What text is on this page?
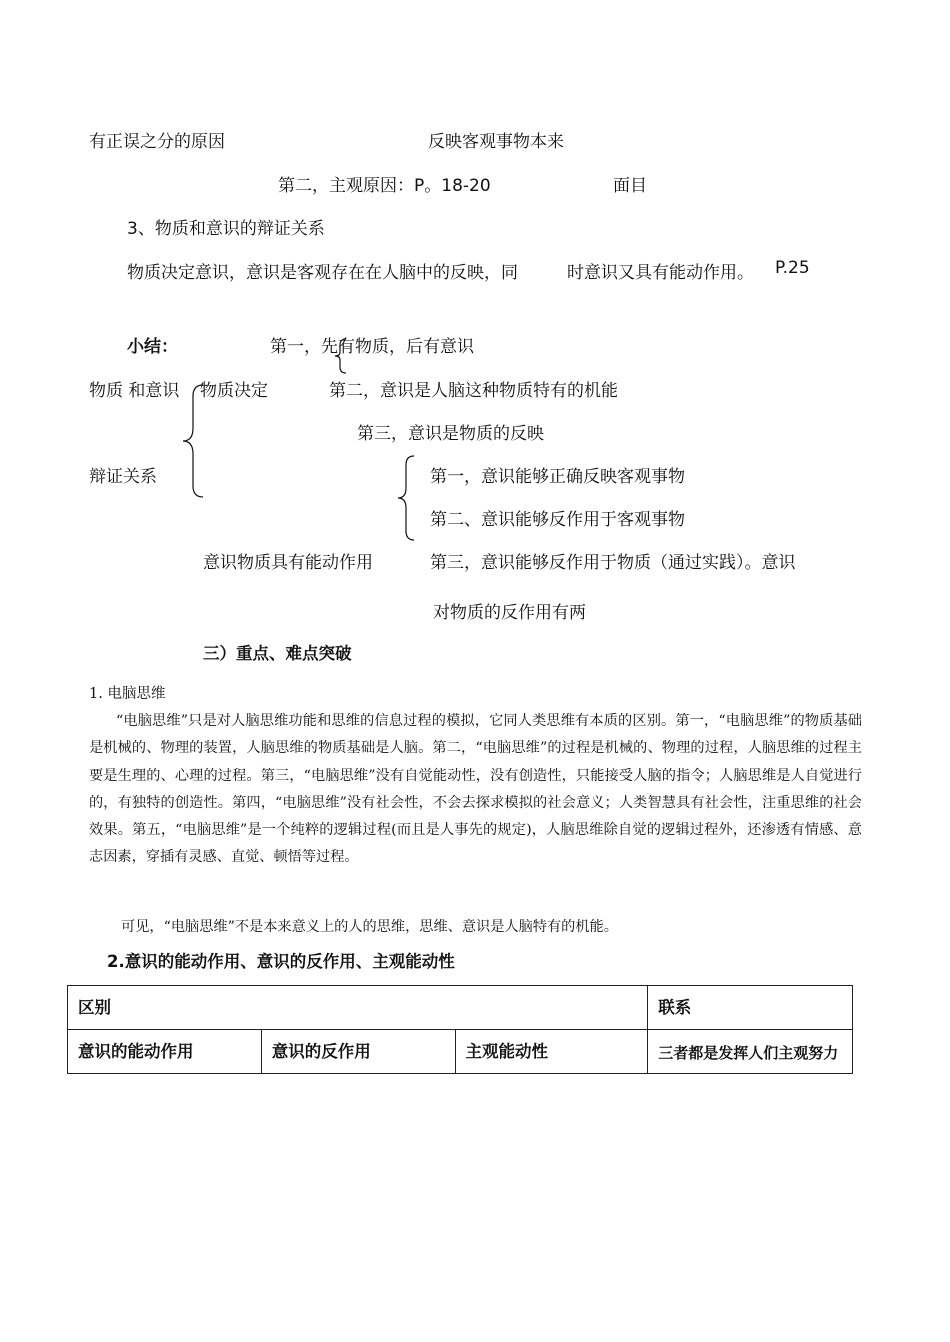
有正误之分的原因	反映客观事物本来
第二，主观原因：P。18-20	面目
3、物质和意识的辩证关系
物质决定意识，意识是客观存在在人脑中的反映，同	时意识又具有能动作用。 P.25
小结：	第一，先有物质，后有意识
物质 和意识 物质决定	第二，意识是人脑这种物质特有的机能
第三，意识是物质的反映
辩证关系	第一，意识能够正确反映客观事物
第二、意识能够反作用于客观事物
意识物质具有能动作用	第三，意识能够反作用于物质（通过实践）。意识
对物质的反作用有两
三）重点、难点突破
1. 电脑思维
“电脑思维”只是对人脑思维功能和思维的信息过程的模拟，它同人类思维有本质的区别。第一，“电脑思维”的物质基础是机械的、物理的装置，人脑思维的物质基础是人脑。第二，“电脑思维”的过程是机械的、物理的过程，人脑思维的过程主要是生理的、心理的过程。第三，“电脑思维”没有自觉能动性，没有创造性，只能接受人脑的指令；人脑思维是人自觉进行的，有独特的创造性。第四，“电脑思维”没有社会性，不会去探求模拟的社会意义；人类智慧具有社会性，注重思维的社会效果。第五，“电脑思维”是一个纯粹的逻辑过程(而且是人事先的规定)，人脑思维除自觉的逻辑过程外，还渗透有情感、意志因素，穿插有灵感、直觉、顿悟等过程。
可见，“电脑思维”不是本来意义上的人的思维，思维、意识是人脑特有的机能。
2.意识的能动作用、意识的反作用、主观能动性
区别			联系
意识的能动作用	意识的反作用	主观能动性	三者都是发挥人们主观努力
